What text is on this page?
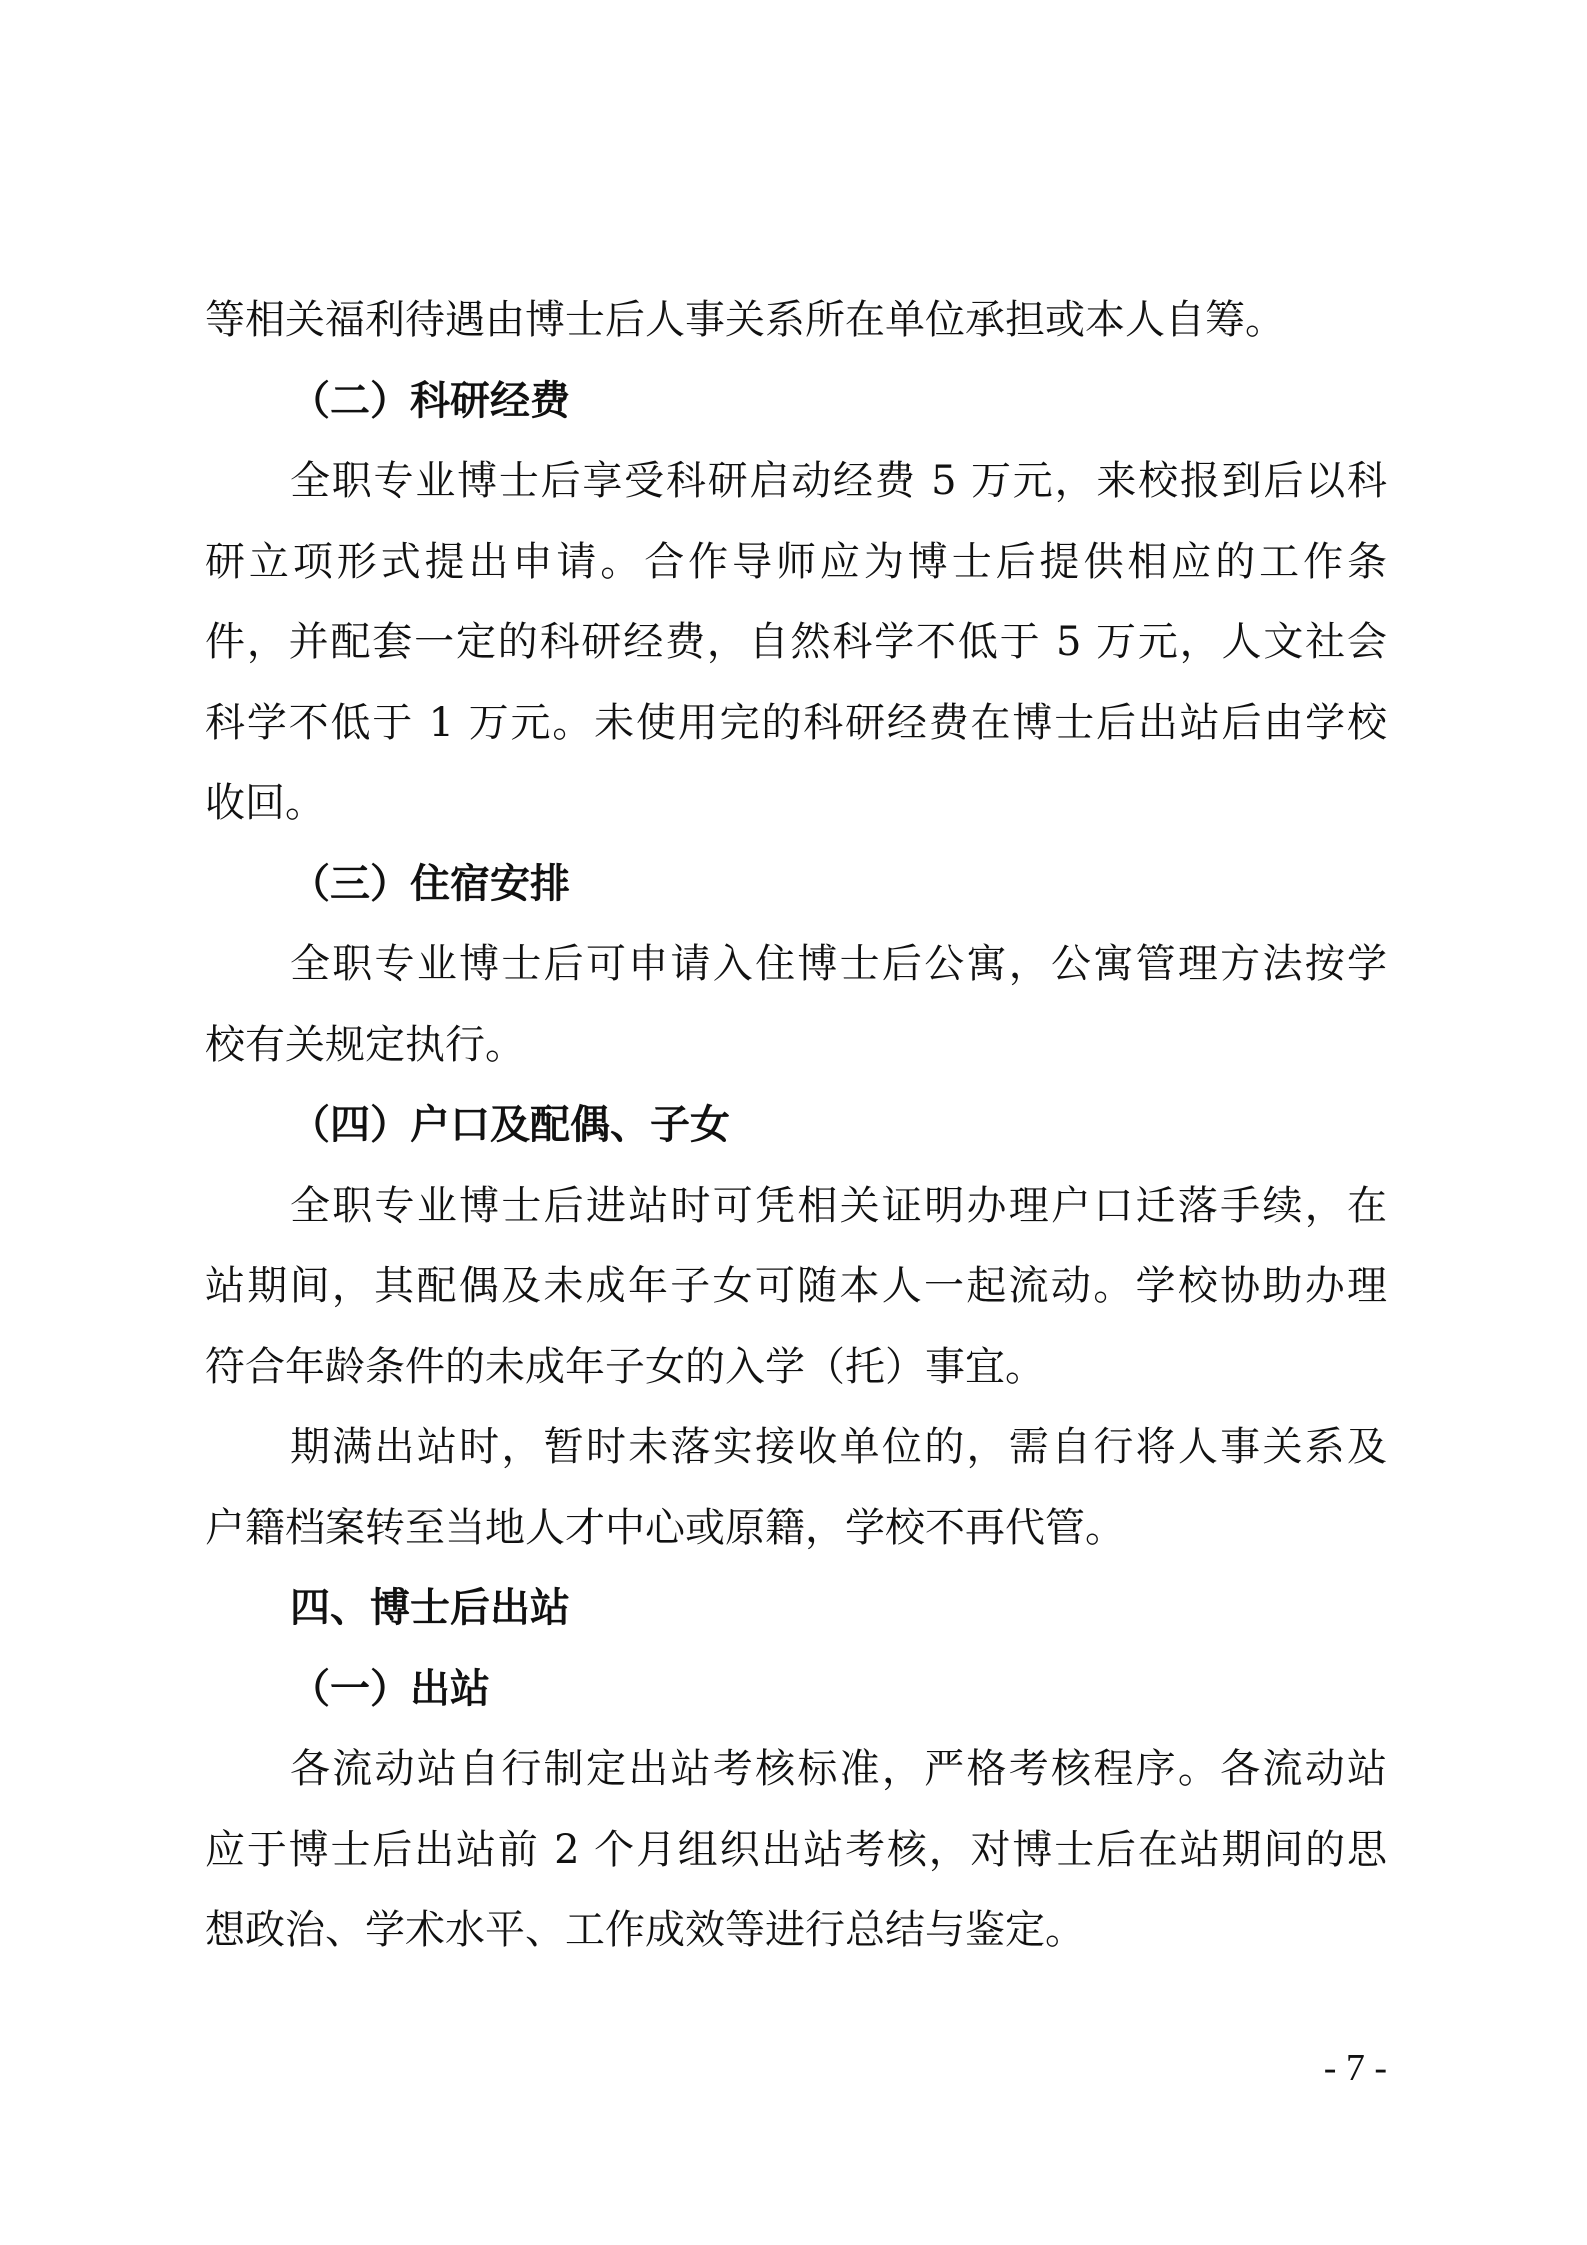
等相关福利待遇由博士后人事关系所在单位承担或本人自筹。
（二）科研经费
全职专业博士后享受科研启动经费 5 万元，来校报到后以科
研立项形式提出申请。合作导师应为博士后提供相应的工作条
件，并配套一定的科研经费，自然科学不低于 5 万元，人文社会
科学不低于 1 万元。未使用完的科研经费在博士后出站后由学校
收回。
（三）住宿安排
全职专业博士后可申请入住博士后公寓，公寓管理方法按学
校有关规定执行。
（四）户口及配偶、子女
全职专业博士后进站时可凭相关证明办理户口迁落手续，在
站期间，其配偶及未成年子女可随本人一起流动。学校协助办理
符合年龄条件的未成年子女的入学（托）事宜。
期满出站时，暂时未落实接收单位的，需自行将人事关系及
户籍档案转至当地人才中心或原籍，学校不再代管。
四、博士后出站
（一）出站
各流动站自行制定出站考核标准，严格考核程序。各流动站
应于博士后出站前 2 个月组织出站考核，对博士后在站期间的思
想政治、学术水平、工作成效等进行总结与鉴定。
- 7 -
